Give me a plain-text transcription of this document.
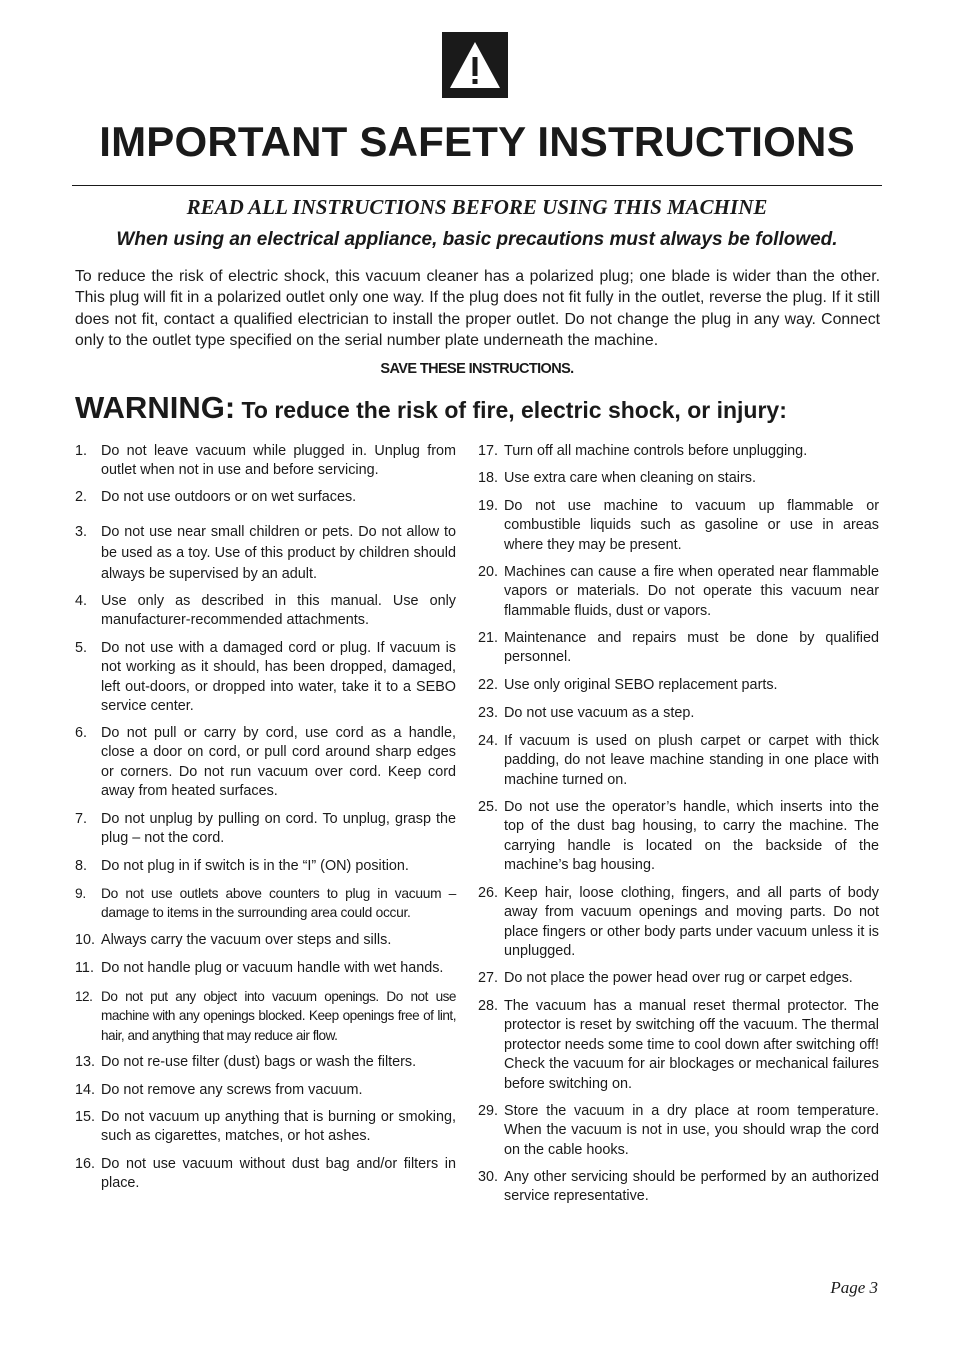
IMPORTANT SAFETY INSTRUCTIONS
READ ALL INSTRUCTIONS BEFORE USING THIS MACHINE
When using an electrical appliance, basic precautions must always be followed.
To reduce the risk of electric shock, this vacuum cleaner has a polarized plug; one blade is wider than the other. This plug will fit in a polarized outlet only one way. If the plug does not fit fully in the outlet, reverse the plug. If it still does not fit, contact a qualified electrician to install the proper outlet. Do not change the plug in any way. Connect only to the outlet type specified on the serial number plate underneath the machine.
SAVE THESE INSTRUCTIONS.
WARNING: To reduce the risk of fire, electric shock, or injury:
1. Do not leave vacuum while plugged in. Unplug from outlet when not in use and before servicing.
2. Do not use outdoors or on wet surfaces.
3. Do not use near small children or pets. Do not allow to be used as a toy. Use of this product by children should always be supervised by an adult.
4. Use only as described in this manual. Use only manufacturer-recommended attachments.
5. Do not use with a damaged cord or plug. If vacuum is not working as it should, has been dropped, damaged, left out-doors, or dropped into water, take it to a SEBO service center.
6. Do not pull or carry by cord, use cord as a handle, close a door on cord, or pull cord around sharp edges or corners. Do not run vacuum over cord. Keep cord away from heated surfaces.
7. Do not unplug by pulling on cord. To unplug, grasp the plug – not the cord.
8. Do not plug in if switch is in the “I” (ON) position.
9. Do not use outlets above counters to plug in vacuum – damage to items in the surrounding area could occur.
10. Always carry the vacuum over steps and sills.
11. Do not handle plug or vacuum handle with wet hands.
12. Do not put any object into vacuum openings. Do not use machine with any openings blocked. Keep openings free of lint, hair, and anything that may reduce air flow.
13. Do not re-use filter (dust) bags or wash the filters.
14. Do not remove any screws from vacuum.
15. Do not vacuum up anything that is burning or smoking, such as cigarettes, matches, or hot ashes.
16. Do not use vacuum without dust bag and/or filters in place.
17. Turn off all machine controls before unplugging.
18. Use extra care when cleaning on stairs.
19. Do not use machine to vacuum up flammable or combustible liquids such as gasoline or use in areas where they may be present.
20. Machines can cause a fire when operated near flammable vapors or materials. Do not operate this vacuum near flammable fluids, dust or vapors.
21. Maintenance and repairs must be done by qualified personnel.
22. Use only original SEBO replacement parts.
23. Do not use vacuum as a step.
24. If vacuum is used on plush carpet or carpet with thick padding, do not leave machine standing in one place with machine turned on.
25. Do not use the operator’s handle, which inserts into the top of the dust bag housing, to carry the machine. The carrying handle is located on the backside of the machine’s bag housing.
26. Keep hair, loose clothing, fingers, and all parts of body away from vacuum openings and moving parts. Do not place fingers or other body parts under vacuum unless it is unplugged.
27. Do not place the power head over rug or carpet edges.
28. The vacuum has a manual reset thermal protector. The protector is reset by switching off the vacuum. The thermal protector needs some time to cool down after switching off! Check the vacuum for air blockages or mechanical failures before switching on.
29. Store the vacuum in a dry place at room temperature. When the vacuum is not in use, you should wrap the cord on the cable hooks.
30. Any other servicing should be performed by an authorized service representative.
Page 3
